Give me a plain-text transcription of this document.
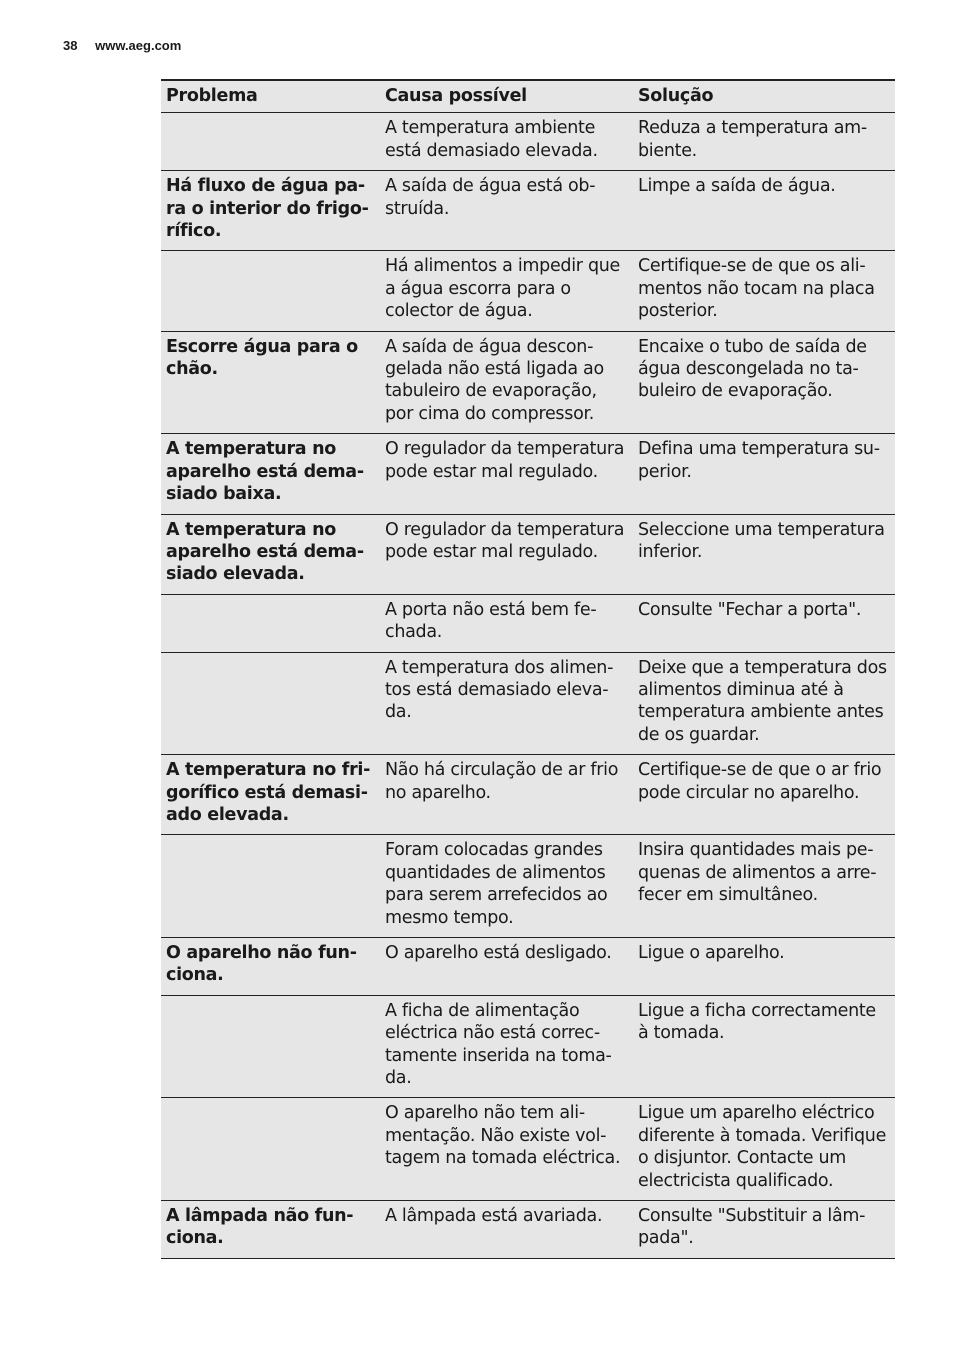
38 www.aeg.com
Problema	Causa possível	Solução
	A temperatura ambiente está demasiado elevada.	Reduza a temperatura ambiente.
Há fluxo de água para o interior do frigorífico.	A saída de água está obstruída.	Limpe a saída de água.
	Há alimentos a impedir que a água escorra para o colector de água.	Certifique-se de que os alimentos não tocam na placa posterior.
Escorre água para o chão.	A saída de água descongelada não está ligada ao tabuleiro de evaporação, por cima do compressor.	Encaixe o tubo de saída de água descongelada no tabuleiro de evaporação.
A temperatura no aparelho está demasiado baixa.	O regulador da temperatura pode estar mal regulado.	Defina uma temperatura superior.
A temperatura no aparelho está demasiado elevada.	O regulador da temperatura pode estar mal regulado.	Seleccione uma temperatura inferior.
	A porta não está bem fechada.	Consulte "Fechar a porta".
	A temperatura dos alimentos está demasiado elevada.	Deixe que a temperatura dos alimentos diminua até à temperatura ambiente antes de os guardar.
A temperatura no frigorífico está demasiado elevada.	Não há circulação de ar frio no aparelho.	Certifique-se de que o ar frio pode circular no aparelho.
	Foram colocadas grandes quantidades de alimentos para serem arrefecidos ao mesmo tempo.	Insira quantidades mais pequenas de alimentos a arrefecer em simultâneo.
O aparelho não funciona.	O aparelho está desligado.	Ligue o aparelho.
	A ficha de alimentação eléctrica não está correctamente inserida na tomada.	Ligue a ficha correctamente à tomada.
	O aparelho não tem alimentação. Não existe voltagem na tomada eléctrica.	Ligue um aparelho eléctrico diferente à tomada. Verifique o disjuntor. Contacte um electricista qualificado.
A lâmpada não funciona.	A lâmpada está avariada.	Consulte "Substituir a lâmpada".
